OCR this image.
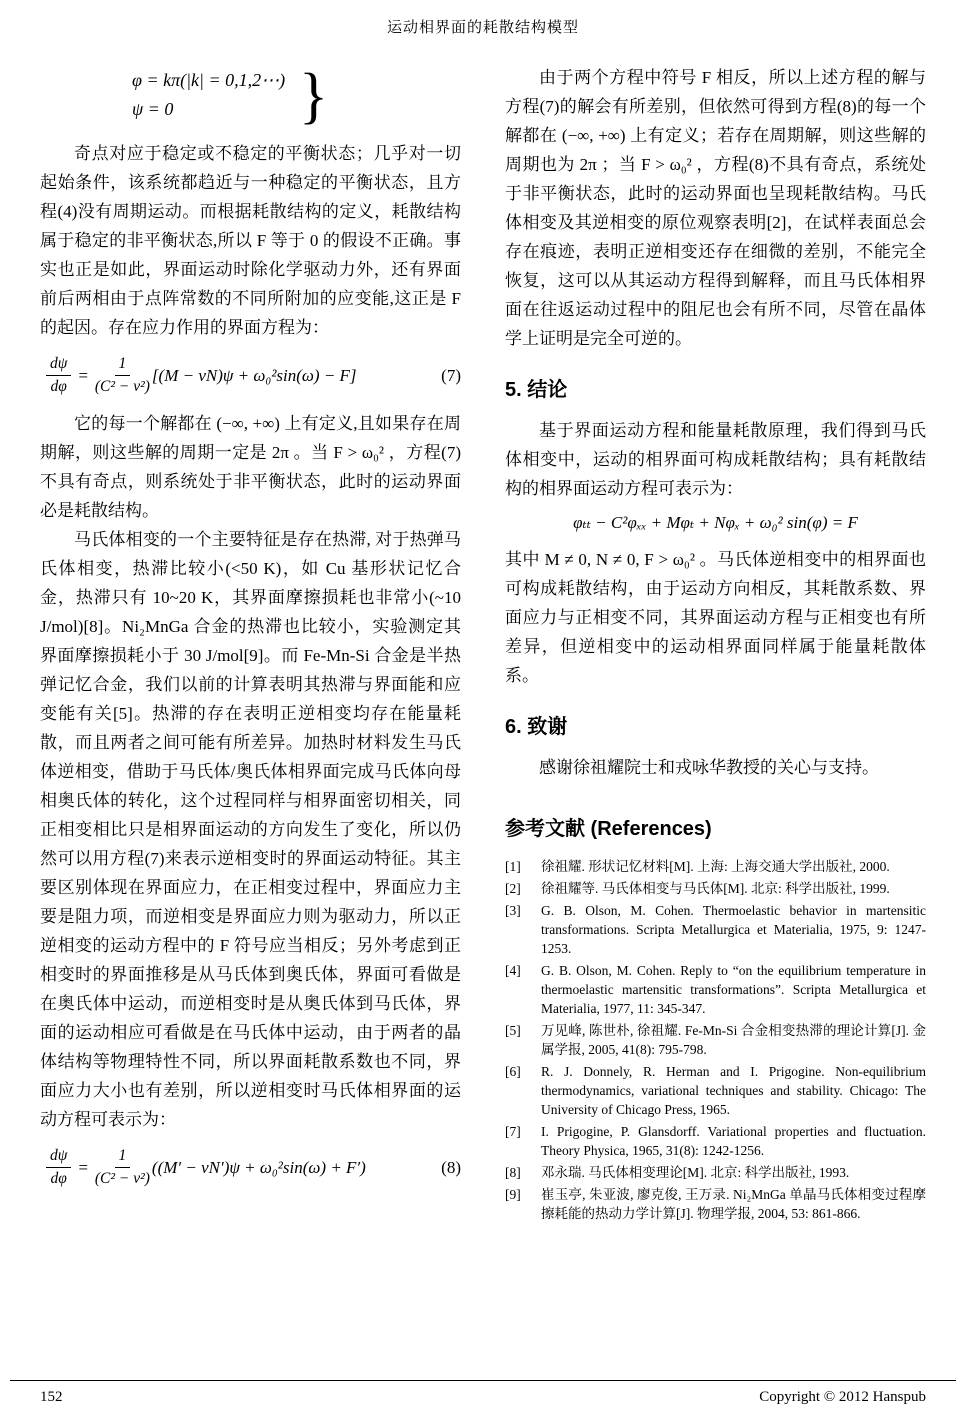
运动相界面的耗散结构模型
φ = kπ(|k| = 0,1,2⋯)
ψ = 0	}

奇点对应于稳定或不稳定的平衡状态；几乎对一切起始条件，该系统都趋近与一种稳定的平衡状态，且方程(4)没有周期运动。而根据耗散结构的定义，耗散结构属于稳定的非平衡状态,所以 F 等于 0 的假设不正确。事实也正是如此，界面运动时除化学驱动力外，还有界面前后两相由于点阵常数的不同所附加的应变能,这正是 F 的起因。存在应力作用的界面方程为：

$\frac{d\psi}{d\varphi} = \frac{1}{\text{(C² − ν²)}} [(M - \nu N)\psi + \omega_0^2\sin(\omega) - F]$	(7)

它的每一个解都在 (−∞, +∞) 上有定义,且如果存在周期解，则这些解的周期一定是 2π 。当 F > ω₀² ，方程(7)不具有奇点，则系统处于非平衡状态，此时的运动界面必是耗散结构。

马氏体相变的一个主要特征是存在热滞, 对于热弹马氏体相变，热滞比较小(<50 K)，如 Cu 基形状记忆合金，热滞只有 10~20 K，其界面摩擦损耗也非常小(~10 J/mol)[8]。Ni₂MnGa 合金的热滞也比较小，实验测定其界面摩擦损耗小于 30 J/mol[9]。而 Fe-Mn-Si 合金是半热弹记忆合金，我们以前的计算表明其热滞与界面能和应变能有关[5]。热滞的存在表明正逆相变均存在能量耗散，而且两者之间可能有所差异。加热时材料发生马氏体逆相变，借助于马氏体/奥氏体相界面完成马氏体向母相奥氏体的转化，这个过程同样与相界面密切相关，同正相变相比只是相界面运动的方向发生了变化，所以仍然可以用方程(7)来表示逆相变时的界面运动特征。其主要区别体现在界面应力，在正相变过程中，界面应力主要是阻力项，而逆相变是界面应力则为驱动力，所以正逆相变的运动方程中的 F 符号应当相反；另外考虑到正相变时的界面推移是从马氏体到奥氏体，界面可看做是在奥氏体中运动，而逆相变时是从奥氏体到马氏体，界面的运动相应可看做是在马氏体中运动，由于两者的晶体结构等物理特性不同，所以界面耗散系数也不同，界面应力大小也有差别，所以逆相变时马氏体相界面的运动方程可表示为：

$\frac{d\psi}{d\varphi} = \frac{1}{\text{(C² − ν²)}} ((M' - \nu N')\psi + \omega_0^2\sin(\omega) + F')$	(8)

由于两个方程中符号 F 相反，所以上述方程的解与方程(7)的解会有所差别，但依然可得到方程(8)的每一个解都在 (−∞, +∞) 上有定义；若存在周期解，则这些解的周期也为 2π ；当 F > ω₀² ，方程(8)不具有奇点，系统处于非平衡状态，此时的运动界面也呈现耗散结构。马氏体相变及其逆相变的原位观察表明[2]，在试样表面总会存在痕迹，表明正逆相变还存在细微的差别，不能完全恢复，这可以从其运动方程得到解释，而且马氏体相界面在往返运动过程中的阻尼也会有所不同，尽管在晶体学上证明是完全可逆的。

5. 结论

基于界面运动方程和能量耗散原理，我们得到马氏体相变中，运动的相界面可构成耗散结构；具有耗散结构的相界面运动方程可表示为：

φₜₜ − C²φₓₓ + Mφₜ + Nφₓ + ω₀² sin(φ) = F

其中 M ≠ 0, N ≠ 0, F > ω₀² 。马氏体逆相变中的相界面也可构成耗散结构，由于运动方向相反，其耗散系数、界面应力与正相变不同，其界面运动方程与正相变也有所差异，但逆相变中的运动相界面同样属于能量耗散体系。

6. 致谢

感谢徐祖耀院士和戎咏华教授的关心与支持。

参考文献 (References)
[1]	徐祖耀. 形状记忆材料[M]. 上海: 上海交通大学出版社, 2000.
[2]	徐祖耀等. 马氏体相变与马氏体[M]. 北京: 科学出版社, 1999.
[3]	G. B. Olson, M. Cohen. Thermoelastic behavior in martensitic transformations. Scripta Metallurgica et Materialia, 1975, 9: 1247-1253.
[4]	G. B. Olson, M. Cohen. Reply to “on the equilibrium temperature in thermoelastic martensitic transformations”. Scripta Metallurgica et Materialia, 1977, 11: 345-347.
[5]	万见峰, 陈世朴, 徐祖耀. Fe-Mn-Si 合金相变热滞的理论计算[J]. 金属学报, 2005, 41(8): 795-798.
[6]	R. J. Donnely, R. Herman and I. Prigogine. Non-equilibrium thermodynamics, variational techniques and stability. Chicago: The University of Chicago Press, 1965.
[7]	I. Prigogine, P. Glansdorff. Variational properties and fluctuation. Theory Physica, 1965, 31(8): 1242-1256.
[8]	邓永瑞. 马氏体相变理论[M]. 北京: 科学出版社, 1993.
[9]	崔玉亭, 朱亚波, 廖克俊, 王万录. Ni₂MnGa 单晶马氏体相变过程摩擦耗能的热动力学计算[J]. 物理学报, 2004, 53: 861-866.
152	Copyright © 2012 Hanspub
